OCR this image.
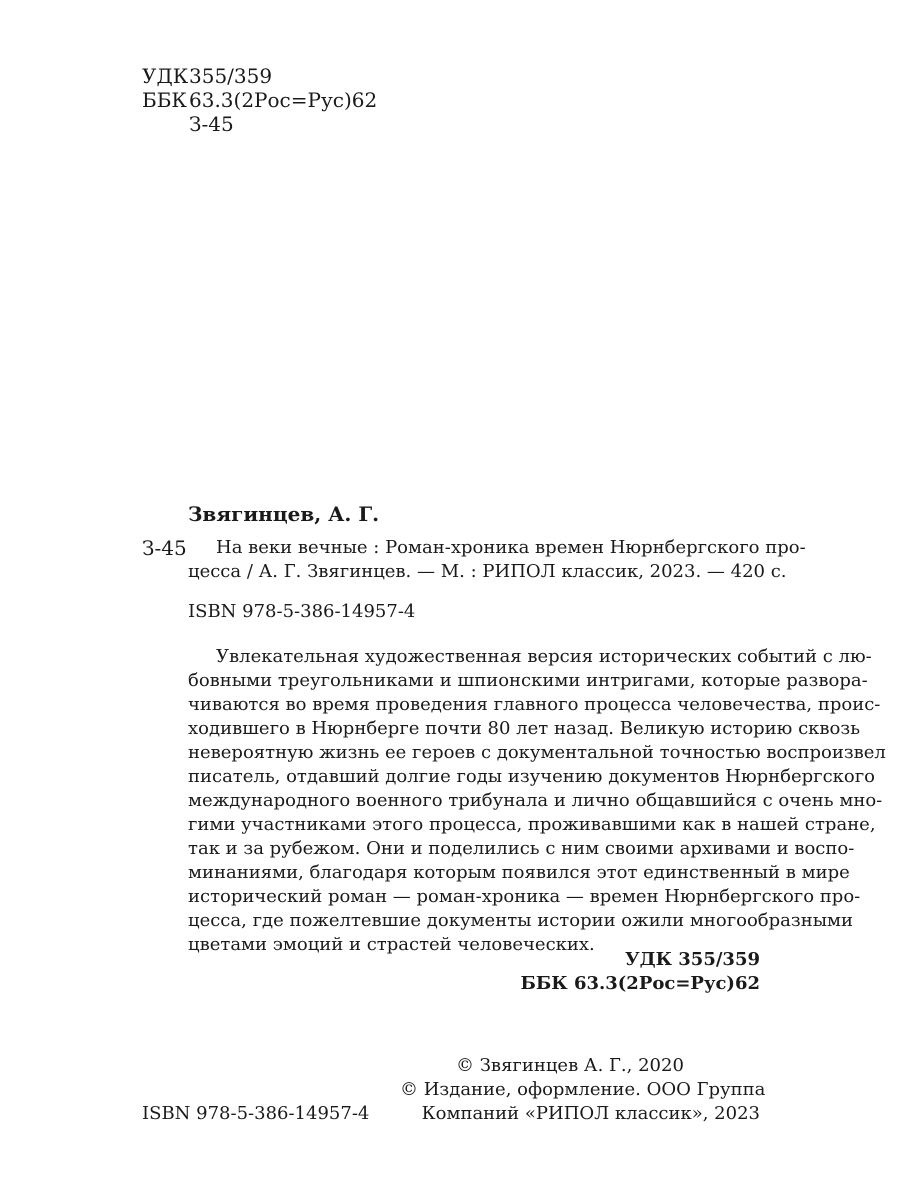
УДК355/359
ББК 63.3(2Рос=Рус)62
З-45
Звягинцев, А. Г.
З-45 На веки вечные : Роман-хроника времен Нюрнбергского про-
цесса / А. Г. Звягинцев. — М. : РИПОЛ классик, 2023. — 420 с.
ISBN 978-5-386-14957-4
Увлекательная художественная версия исторических событий с лю-
бовными треугольниками и шпионскими интригами, которые развора-
чиваются во время проведения главного процесса человечества, проис-
ходившего в Нюрнберге почти 80 лет назад. Великую историю сквозь
невероятную жизнь ее героев с документальной точностью воспроизвел
писатель, отдавший долгие годы изучению документов Нюрнбергского
международного военного трибунала и лично общавшийся с очень мно-
гими участниками этого процесса, проживавшими как в нашей стране,
так и за рубежом. Они и поделились с ним своими архивами и воспо-
минаниями, благодаря которым появился этот единственный в мире
исторический роман — роман-хроника — времен Нюрнбергского про-
цесса, где пожелтевшие документы истории ожили многообразными
цветами эмоций и страстей человеческих.
УДК 355/359
ББК 63.3(2Рос=Рус)62
ISBN 978-5-386-14957-4
© Звягинцев А. Г., 2020
© Издание, оформление. ООО Группа
Компаний «РИПОЛ классик», 2023
